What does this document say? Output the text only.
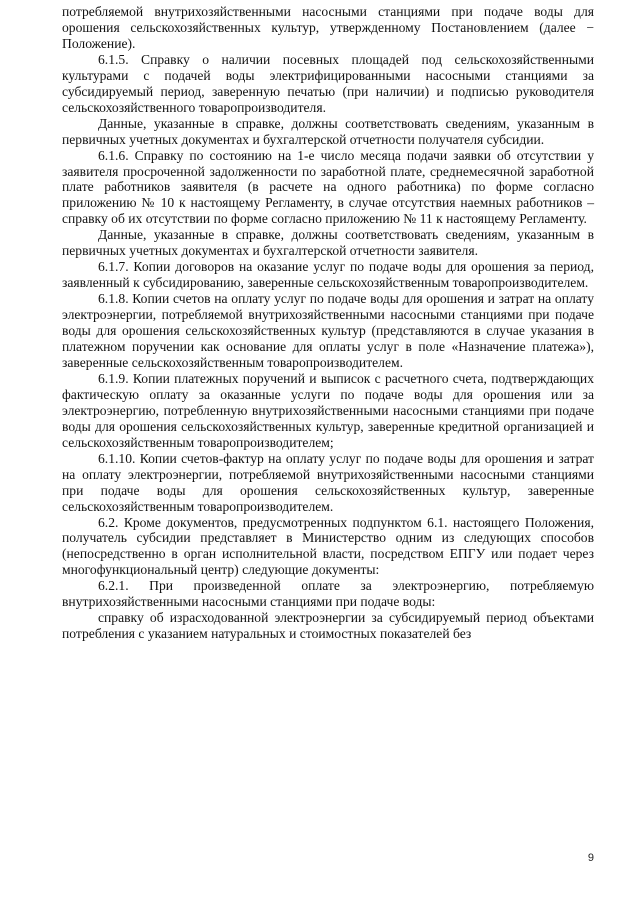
потребляемой внутрихозяйственными насосными станциями при подаче воды для орошения сельскохозяйственных культур, утвержденному Постановлением (далее − Положение).

6.1.5. Справку о наличии посевных площадей под сельскохозяйственными культурами с подачей воды электрифицированными насосными станциями за субсидируемый период, заверенную печатью (при наличии) и подписью руководителя сельскохозяйственного товаропроизводителя.

Данные, указанные в справке, должны соответствовать сведениям, указанным в первичных учетных документах и бухгалтерской отчетности получателя субсидии.

6.1.6. Справку по состоянию на 1-е число месяца подачи заявки об отсутствии у заявителя просроченной задолженности по заработной плате, среднемесячной заработной плате работников заявителя (в расчете на одного работника) по форме согласно приложению № 10 к настоящему Регламенту, в случае отсутствия наемных работников – справку об их отсутствии по форме согласно приложению № 11 к настоящему Регламенту.

Данные, указанные в справке, должны соответствовать сведениям, указанным в первичных учетных документах и бухгалтерской отчетности заявителя.

6.1.7. Копии договоров на оказание услуг по подаче воды для орошения за период, заявленный к субсидированию, заверенные сельскохозяйственным товаропроизводителем.

6.1.8. Копии счетов на оплату услуг по подаче воды для орошения и затрат на оплату электроэнергии, потребляемой внутрихозяйственными насосными станциями при подаче воды для орошения сельскохозяйственных культур (представляются в случае указания в платежном поручении как основание для оплаты услуг в поле «Назначение платежа»), заверенные сельскохозяйственным товаропроизводителем.

6.1.9. Копии платежных поручений и выписок с расчетного счета, подтверждающих фактическую оплату за оказанные услуги по подаче воды для орошения или за электроэнергию, потребленную внутрихозяйственными насосными станциями при подаче воды для орошения сельскохозяйственных культур, заверенные кредитной организацией и сельскохозяйственным товаропроизводителем;

6.1.10. Копии счетов-фактур на оплату услуг по подаче воды для орошения и затрат на оплату электроэнергии, потребляемой внутрихозяйственными насосными станциями при подаче воды для орошения сельскохозяйственных культур, заверенные сельскохозяйственным товаропроизводителем.

6.2. Кроме документов, предусмотренных подпунктом 6.1. настоящего Положения, получатель субсидии представляет в Министерство одним из следующих способов (непосредственно в орган исполнительной власти, посредством ЕПГУ или подает через многофункциональный центр) следующие документы:

6.2.1. При произведенной оплате за электроэнергию, потребляемую внутрихозяйственными насосными станциями при подаче воды:

справку об израсходованной электроэнергии за субсидируемый период объектами потребления с указанием натуральных и стоимостных показателей без

9
